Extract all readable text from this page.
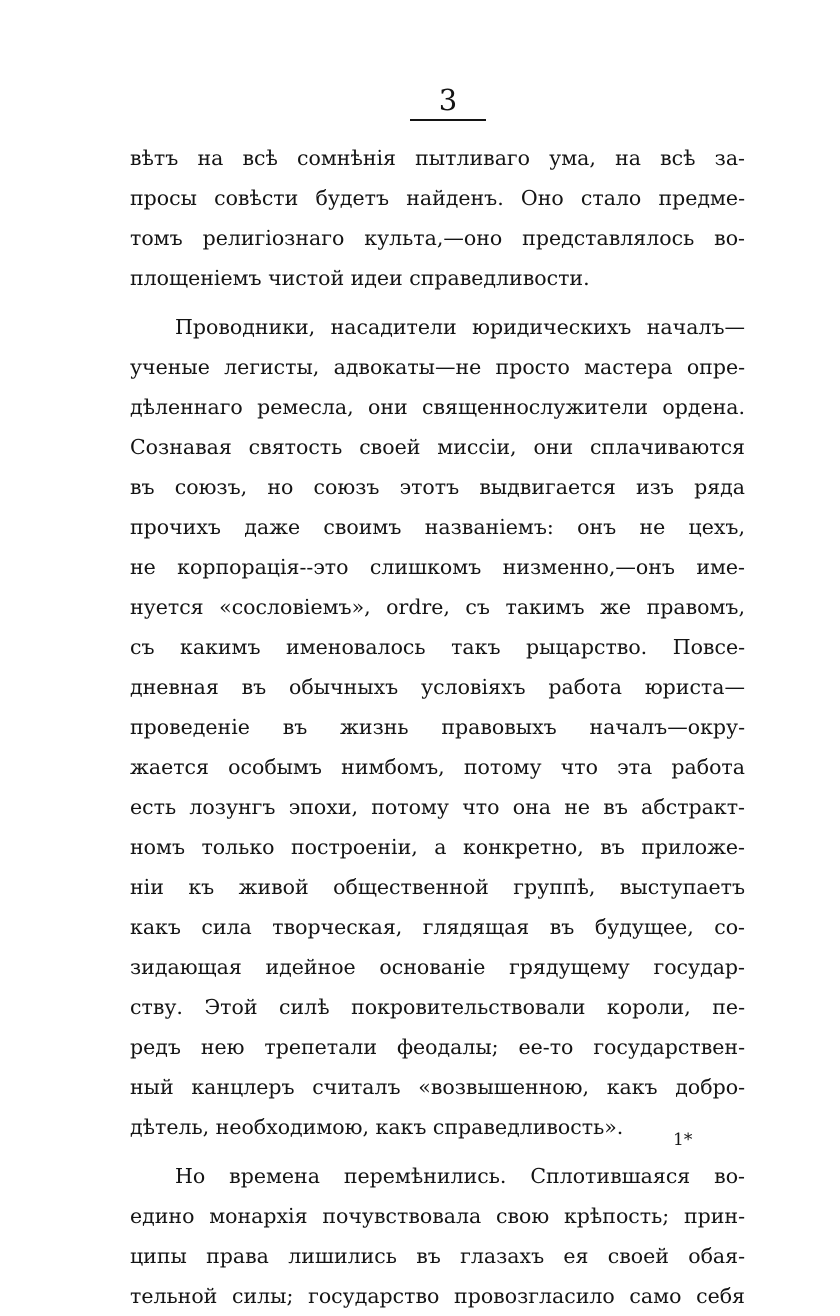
3
вѣтъ на всѣ сомнѣнія пытливаго ума, на всѣ за-
просы совѣсти будетъ найденъ. Оно стало предме-
томъ религіознаго культа,—оно представлялось во-
площеніемъ чистой идеи справедливости.
Проводники, насадители юридическихъ началъ—
ученые легисты, адвокаты—не просто мастера опре-
дѣленнаго ремесла, они священнослужители ордена.
Сознавая святость своей миссіи, они сплачиваются
въ союзъ, но союзъ этотъ выдвигается изъ ряда
прочихъ даже своимъ названіемъ: онъ не цехъ,
не корпорація--это слишкомъ низменно,—онъ име-
нуется «сословіемъ», ordre, съ такимъ же правомъ,
съ какимъ именовалось такъ рыцарство. Повсе-
дневная въ обычныхъ условіяхъ работа юриста—
проведеніе въ жизнь правовыхъ началъ—окру-
жается особымъ нимбомъ, потому что эта работа
есть лозунгъ эпохи, потому что она не въ абстракт-
номъ только построеніи, а конкретно, въ приложе-
ніи къ живой общественной группѣ, выступаетъ
какъ сила творческая, глядящая въ будущее, со-
зидающая идейное основаніе грядущему государ-
ству. Этой силѣ покровительствовали короли, пе-
редъ нею трепетали феодалы; ее-то государствен-
ный канцлеръ считалъ «возвышенною, какъ добро-
дѣтель, необходимою, какъ справедливость».
Но времена перемѣнились. Сплотившаяся во-
едино монархія почувствовала свою крѣпость; прин-
ципы права лишились въ глазахъ ея своей обая-
тельной силы; государство провозгласило само себя
1*
